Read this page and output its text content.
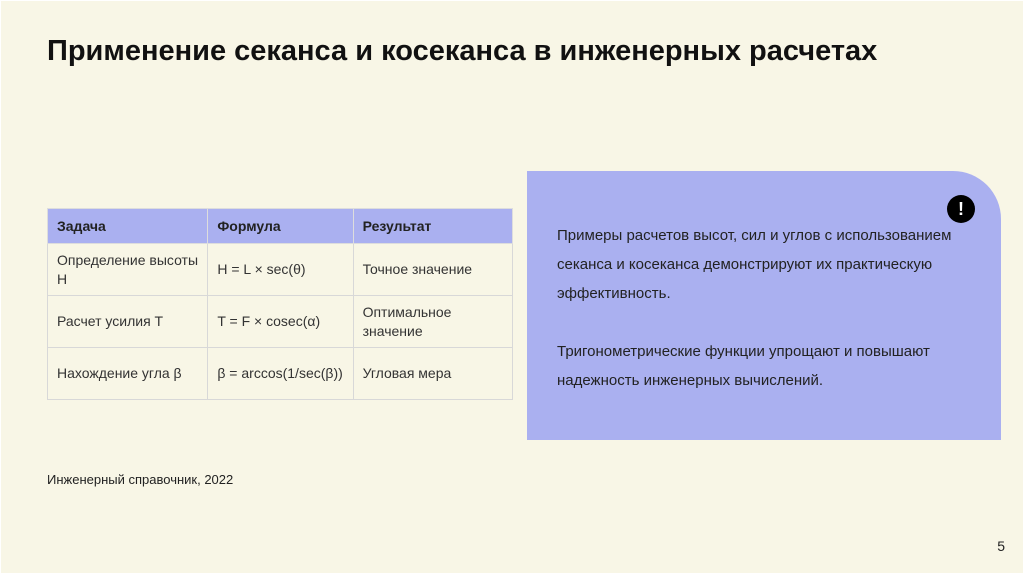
Применение секанса и косеканса в инженерных расчетах
Задача	Формула	Результат
Определение высоты H	H = L × sec(θ)	Точное значение
Расчет усилия T	T = F × cosec(α)	Оптимальное значение
Нахождение угла β	β = arccos(1/sec(β))	Угловая мера
!

Примеры расчетов высот, сил и углов с использованием секанса и косеканса демонстрируют их практическую эффективность.

Тригонометрические функции упрощают и повышают надежность инженерных вычислений.

Инженерный справочник, 2022
5
